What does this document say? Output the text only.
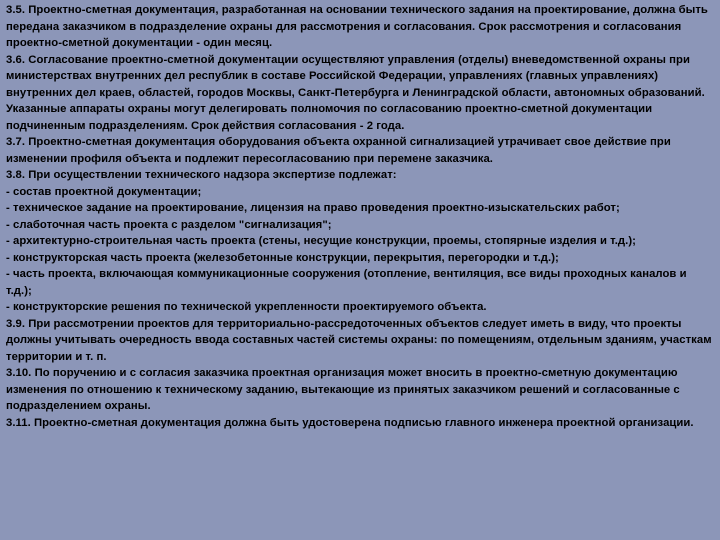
3.5. Проектно-сметная документация, разработанная на основании технического задания на проектирование, должна быть передана заказчиком в подразделение охраны для рассмотрения и согласования. Срок рассмотрения и согласования проектно-сметной документации - один месяц.

3.6. Согласование проектно-сметной документации осуществляют управления (отделы) вневедомственной охраны при министерствах внутренних дел республик в составе Российской Федерации, управлениях (главных управлениях) внутренних дел краев, областей, городов Москвы, Санкт-Петербурга и Ленинградской области, автономных образований.

Указанные аппараты охраны могут делегировать полномочия по согласованию проектно-сметной документации подчиненным подразделениям. Срок действия согласования - 2 года.

3.7. Проектно-сметная документация оборудования объекта охранной сигнализацией утрачивает свое действие при изменении профиля объекта и подлежит пересогласованию при перемене заказчика.

3.8. При осуществлении технического надзора экспертизе подлежат:

- состав проектной документации;

- техническое задание на проектирование, лицензия на право проведения проектно-изыскательских работ;

- слаботочная часть проекта с разделом "сигнализация";

- архитектурно-строительная часть проекта (стены, несущие конструкции, проемы, стопярные изделия и т.д.);

- конструкторская часть проекта (железобетонные конструкции, перекрытия, перегородки и т.д.);

- часть проекта, включающая коммуникационные сооружения (отопление, вентиляция, все виды проходных каналов и т.д.);

- конструкторские решения по технической укрепленности проектируемого объекта.

3.9. При рассмотрении проектов для территориально-рассредоточенных объектов следует иметь в виду, что проекты должны учитывать очередность ввода составных частей системы охраны: по помещениям, отдельным зданиям, участкам территории и т. п.

3.10. По поручению и с согласия заказчика проектная организация может вносить в проектно-сметную документацию изменения по отношению к техническому заданию, вытекающие из принятых заказчиком решений и согласованные с подразделением охраны.

3.11. Проектно-сметная документация должна быть удостоверена подписью главного инженера проектной организации.
